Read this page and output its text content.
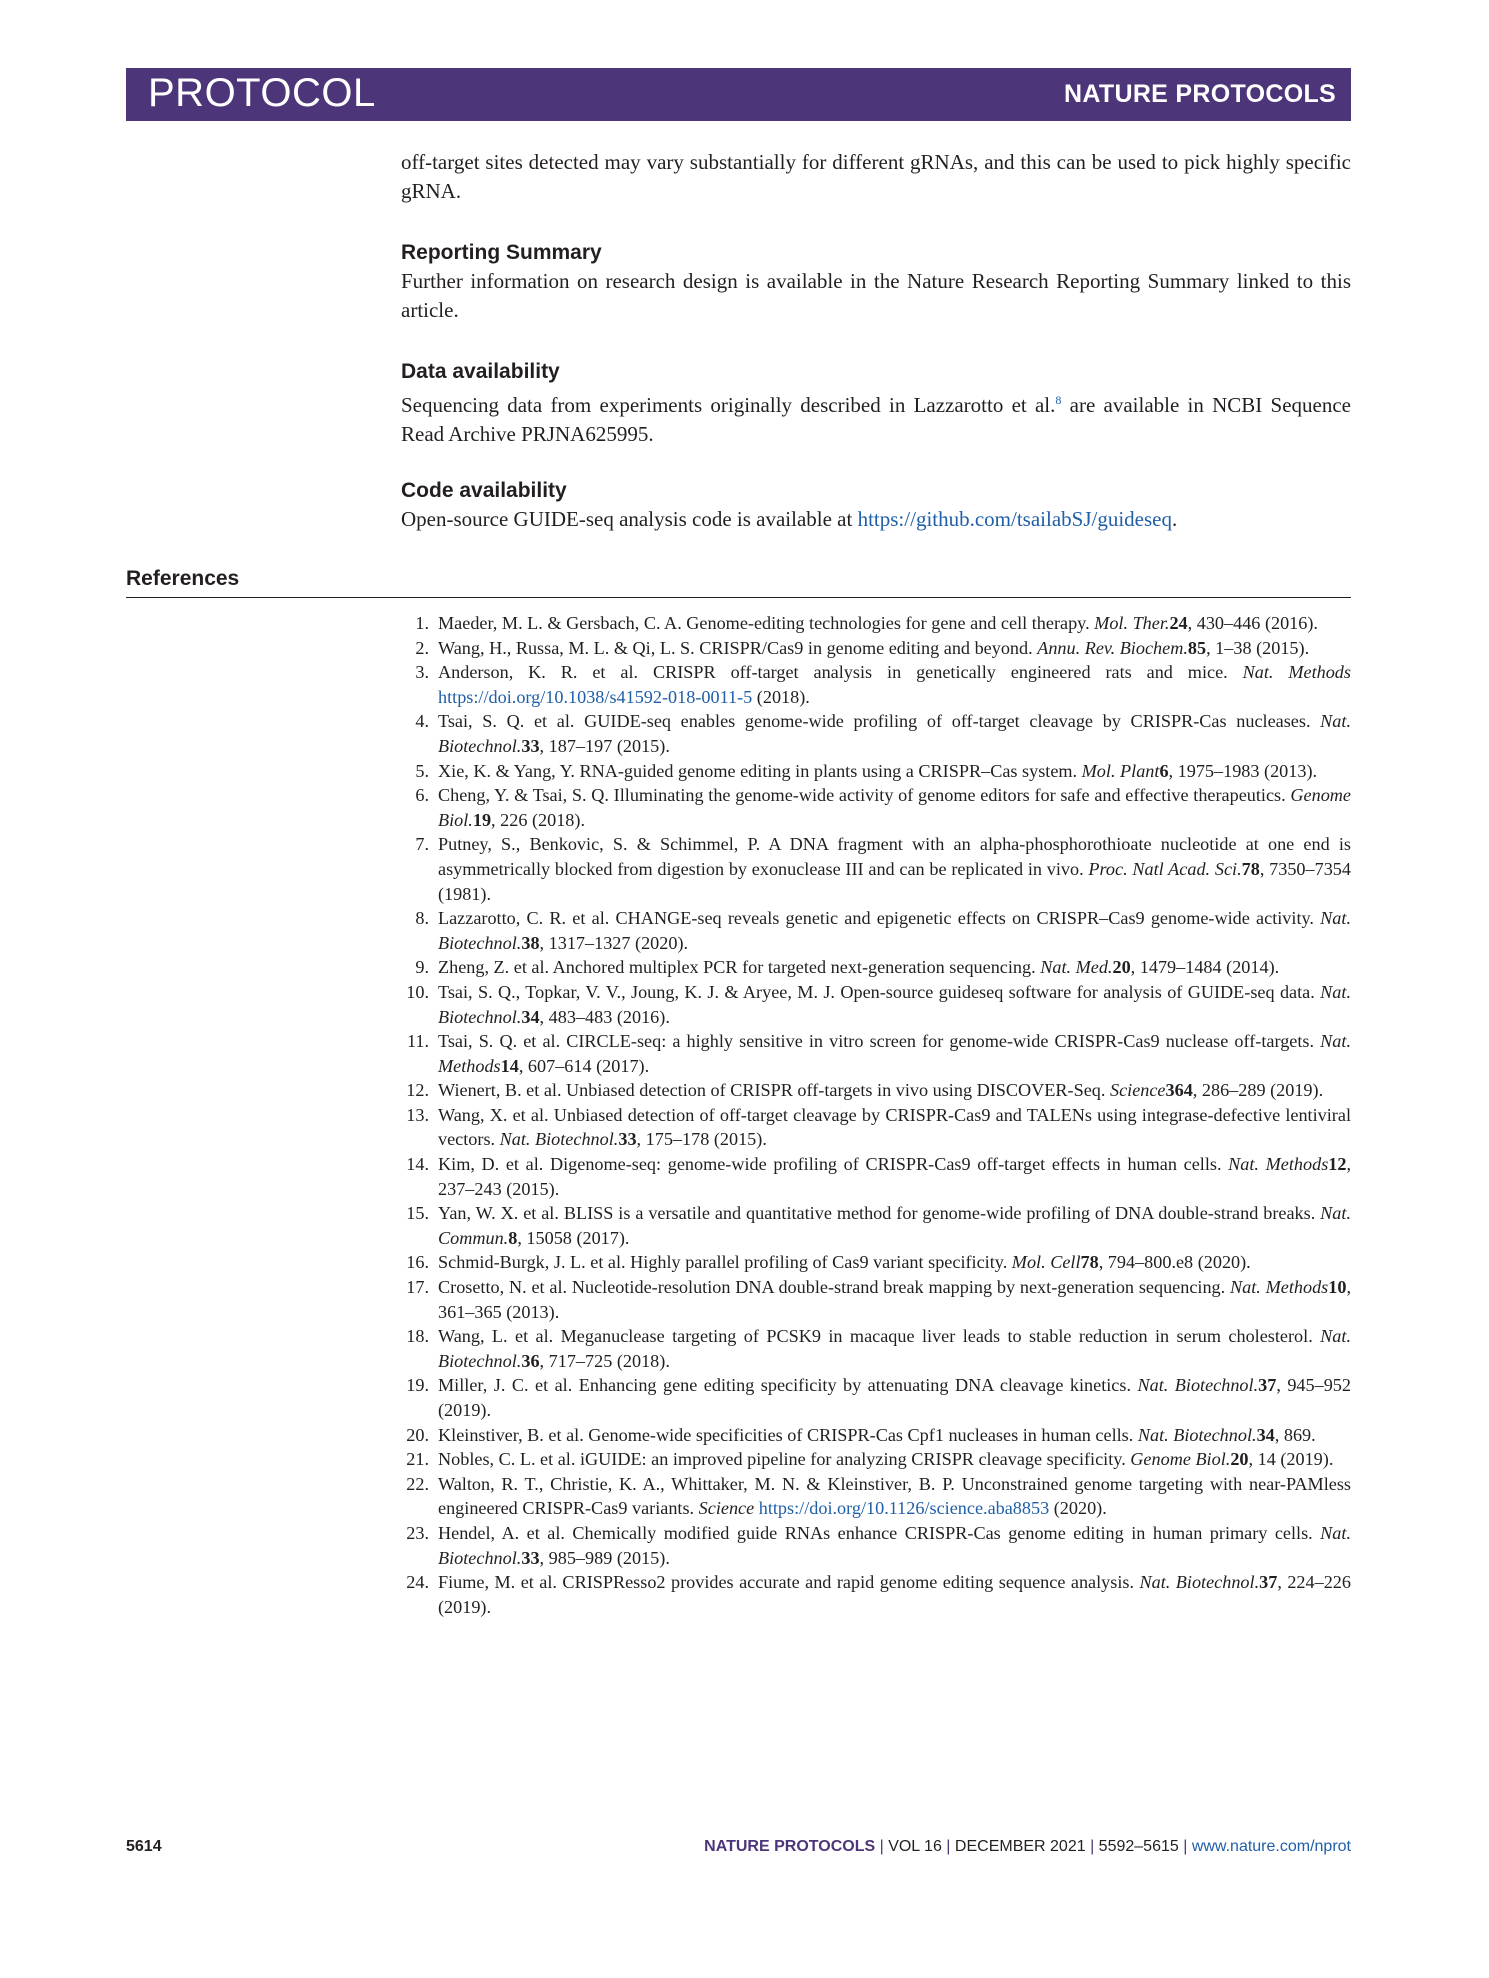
PROTOCOL	NATURE PROTOCOLS

off-target sites detected may vary substantially for different gRNAs, and this can be used to pick highly specific gRNA.

Reporting Summary

Further information on research design is available in the Nature Research Reporting Summary linked to this article.

Data availability

Sequencing data from experiments originally described in Lazzarotto et al.$^8$ are available in NCBI Sequence Read Archive PRJNA625995.

Code availability

Open-source GUIDE-seq analysis code is available at https://github.com/tsailabSJ/guideseq.

References
1. Maeder, M. L. & Gersbach, C. A. Genome-editing technologies for gene and cell therapy. Mol. Ther.24, 430–446 (2016).
2. Wang, H., Russa, M. L. & Qi, L. S. CRISPR/Cas9 in genome editing and beyond. Annu. Rev. Biochem.85, 1–38 (2015).
3. Anderson, K. R. et al. CRISPR off-target analysis in genetically engineered rats and mice. Nat. Methods https://doi.org/10.1038/s41592-018-0011-5 (2018).
4. Tsai, S. Q. et al. GUIDE-seq enables genome-wide profiling of off-target cleavage by CRISPR-Cas nucleases. Nat. Biotechnol.33, 187–197 (2015).
5. Xie, K. & Yang, Y. RNA-guided genome editing in plants using a CRISPR–Cas system. Mol. Plant6, 1975–1983 (2013).
6. Cheng, Y. & Tsai, S. Q. Illuminating the genome-wide activity of genome editors for safe and effective therapeutics. Genome Biol.19, 226 (2018).
7. Putney, S., Benkovic, S. & Schimmel, P. A DNA fragment with an alpha-phosphorothioate nucleotide at one end is asymmetrically blocked from digestion by exonuclease III and can be replicated in vivo. Proc. Natl Acad. Sci.78, 7350–7354 (1981).
8. Lazzarotto, C. R. et al. CHANGE-seq reveals genetic and epigenetic effects on CRISPR–Cas9 genome-wide activity. Nat. Biotechnol.38, 1317–1327 (2020).
9. Zheng, Z. et al. Anchored multiplex PCR for targeted next-generation sequencing. Nat. Med.20, 1479–1484 (2014).
10. Tsai, S. Q., Topkar, V. V., Joung, K. J. & Aryee, M. J. Open-source guideseq software for analysis of GUIDE-seq data. Nat. Biotechnol.34, 483–483 (2016).
11. Tsai, S. Q. et al. CIRCLE-seq: a highly sensitive in vitro screen for genome-wide CRISPR-Cas9 nuclease off-targets. Nat. Methods14, 607–614 (2017).
12. Wienert, B. et al. Unbiased detection of CRISPR off-targets in vivo using DISCOVER-Seq. Science364, 286–289 (2019).
13. Wang, X. et al. Unbiased detection of off-target cleavage by CRISPR-Cas9 and TALENs using integrase-defective lentiviral vectors. Nat. Biotechnol.33, 175–178 (2015).
14. Kim, D. et al. Digenome-seq: genome-wide profiling of CRISPR-Cas9 off-target effects in human cells. Nat. Methods12, 237–243 (2015).
15. Yan, W. X. et al. BLISS is a versatile and quantitative method for genome-wide profiling of DNA double-strand breaks. Nat. Commun.8, 15058 (2017).
16. Schmid-Burgk, J. L. et al. Highly parallel profiling of Cas9 variant specificity. Mol. Cell78, 794–800.e8 (2020).
17. Crosetto, N. et al. Nucleotide-resolution DNA double-strand break mapping by next-generation sequencing. Nat. Methods10, 361–365 (2013).
18. Wang, L. et al. Meganuclease targeting of PCSK9 in macaque liver leads to stable reduction in serum cholesterol. Nat. Biotechnol.36, 717–725 (2018).
19. Miller, J. C. et al. Enhancing gene editing specificity by attenuating DNA cleavage kinetics. Nat. Biotechnol.37, 945–952 (2019).
20. Kleinstiver, B. et al. Genome-wide specificities of CRISPR-Cas Cpf1 nucleases in human cells. Nat. Biotechnol.34, 869.
21. Nobles, C. L. et al. iGUIDE: an improved pipeline for analyzing CRISPR cleavage specificity. Genome Biol.20, 14 (2019).
22. Walton, R. T., Christie, K. A., Whittaker, M. N. & Kleinstiver, B. P. Unconstrained genome targeting with near-PAMless engineered CRISPR-Cas9 variants. Science https://doi.org/10.1126/science.aba8853 (2020).
23. Hendel, A. et al. Chemically modified guide RNAs enhance CRISPR-Cas genome editing in human primary cells. Nat. Biotechnol.33, 985–989 (2015).
24. Fiume, M. et al. CRISPResso2 provides accurate and rapid genome editing sequence analysis. Nat. Biotechnol.37, 224–226 (2019).
5614	NATURE PROTOCOLS | VOL 16 | DECEMBER 2021 | 5592–5615 | www.nature.com/nprot
